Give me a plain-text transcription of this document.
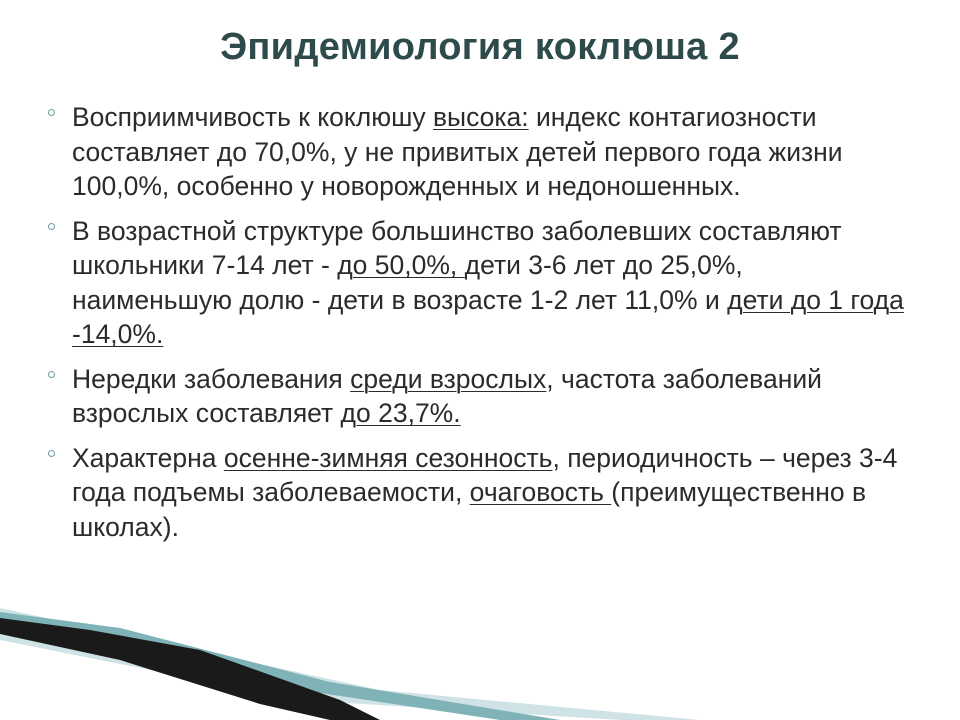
Эпидемиология коклюша 2
Восприимчивость к коклюшу высока: индекс контагиозности составляет до 70,0%, у не привитых детей первого года жизни 100,0%, особенно у новорожденных и недоношенных.
В возрастной структуре большинство заболевших составляют школьники 7-14 лет - до 50,0%, дети 3-6 лет до 25,0%, наименьшую долю - дети в возрасте 1-2 лет 11,0% и дети до 1 года -14,0%.
Нередки заболевания среди взрослых, частота заболеваний взрослых составляет до 23,7%.
Характерна осенне-зимняя сезонность, периодичность – через 3-4 года подъемы заболеваемости, очаговость (преимущественно в школах).
